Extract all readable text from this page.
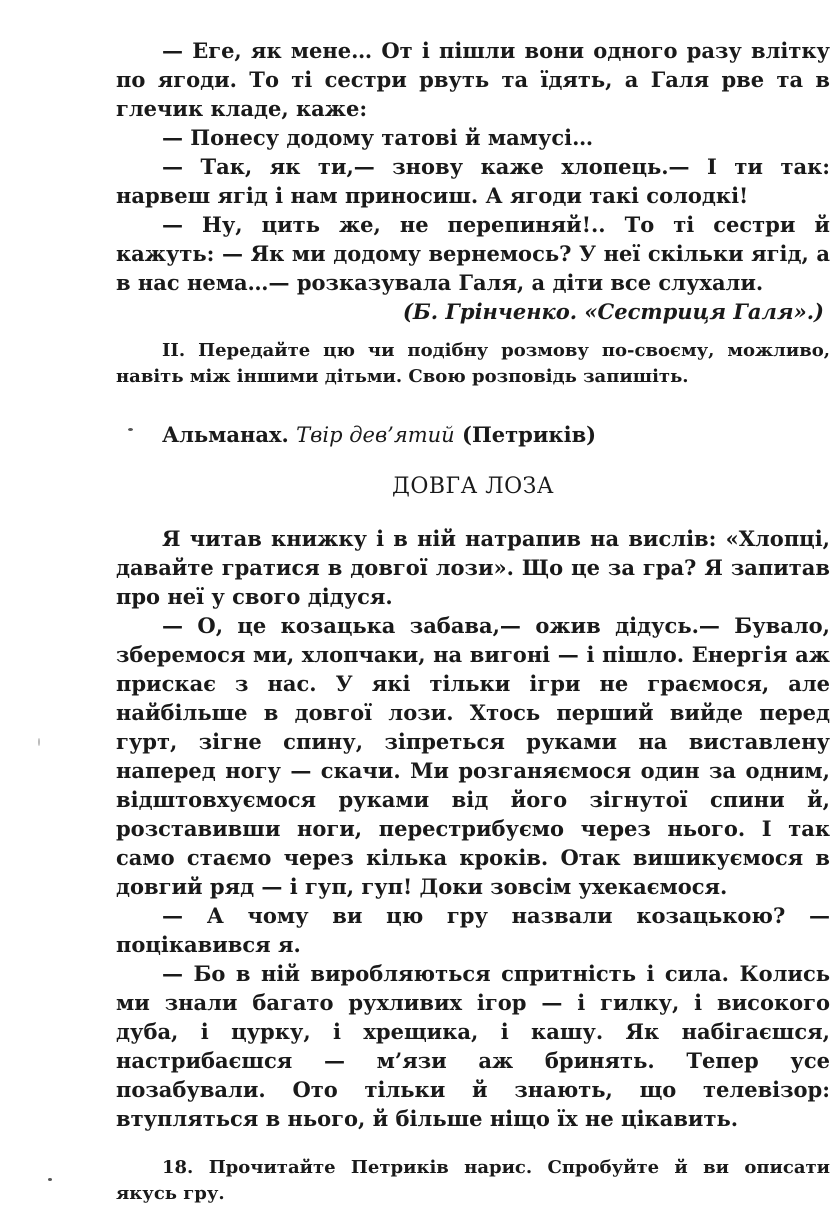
— Еге, як мене… От і пішли вони одного разу влітку по ягоди. То ті сестри рвуть та їдять, а Галя рве та в глечик кладе, каже:

— Понесу додому татові й мамусі…

— Так, як ти,— знову каже хлопець.— І ти так: нарвеш ягід і нам приносиш. А ягоди такі солодкі!

— Ну, цить же, не перепиняй!.. То ті сестри й кажуть: — Як ми додому вернемось? У неї скільки ягід, а в нас нема…— розказувала Галя, а діти все слухали.

(Б. Грінченко. «Сестриця Галя».)

II. Передайте цю чи подібну розмову по-своєму, можливо, навіть між іншими дітьми. Свою розповідь запишіть.

Альманах. Твір дев’ятий (Петриків)

ДОВГА ЛОЗА

Я читав книжку і в ній натрапив на вислів: «Хлопці, давайте гратися в довгої лози». Що це за гра? Я запитав про неї у свого дідуся.

— О, це козацька забава,— ожив дідусь.— Бувало, зберемося ми, хлопчаки, на вигоні — і пішло. Енергія аж прискає з нас. У які тільки ігри не граємося, але найбільше в довгої лози. Хтось перший вийде перед гурт, зігне спину, зіпреться руками на виставлену наперед ногу — скачи. Ми розганяємося один за одним, відштовхуємося руками від його зігнутої спини й, розставивши ноги, перестрибуємо через нього. І так само стаємо через кілька кроків. Отак вишикуємося в довгий ряд — і гуп, гуп! Доки зовсім ухекаємося.

— А чому ви цю гру назвали козацькою? — поцікавився я.

— Бо в ній виробляються спритність і сила. Колись ми знали багато рухливих ігор — і гилку, і високого дуба, і цурку, і хрещика, і кашу. Як набігаєшся, настрибаєшся — м’язи аж бринять. Тепер усе позабували. Ото тільки й знають, що телевізор: втупляться в нього, й більше ніщо їх не цікавить.

18. Прочитайте Петриків нарис. Спробуйте й ви описати якусь гру.
